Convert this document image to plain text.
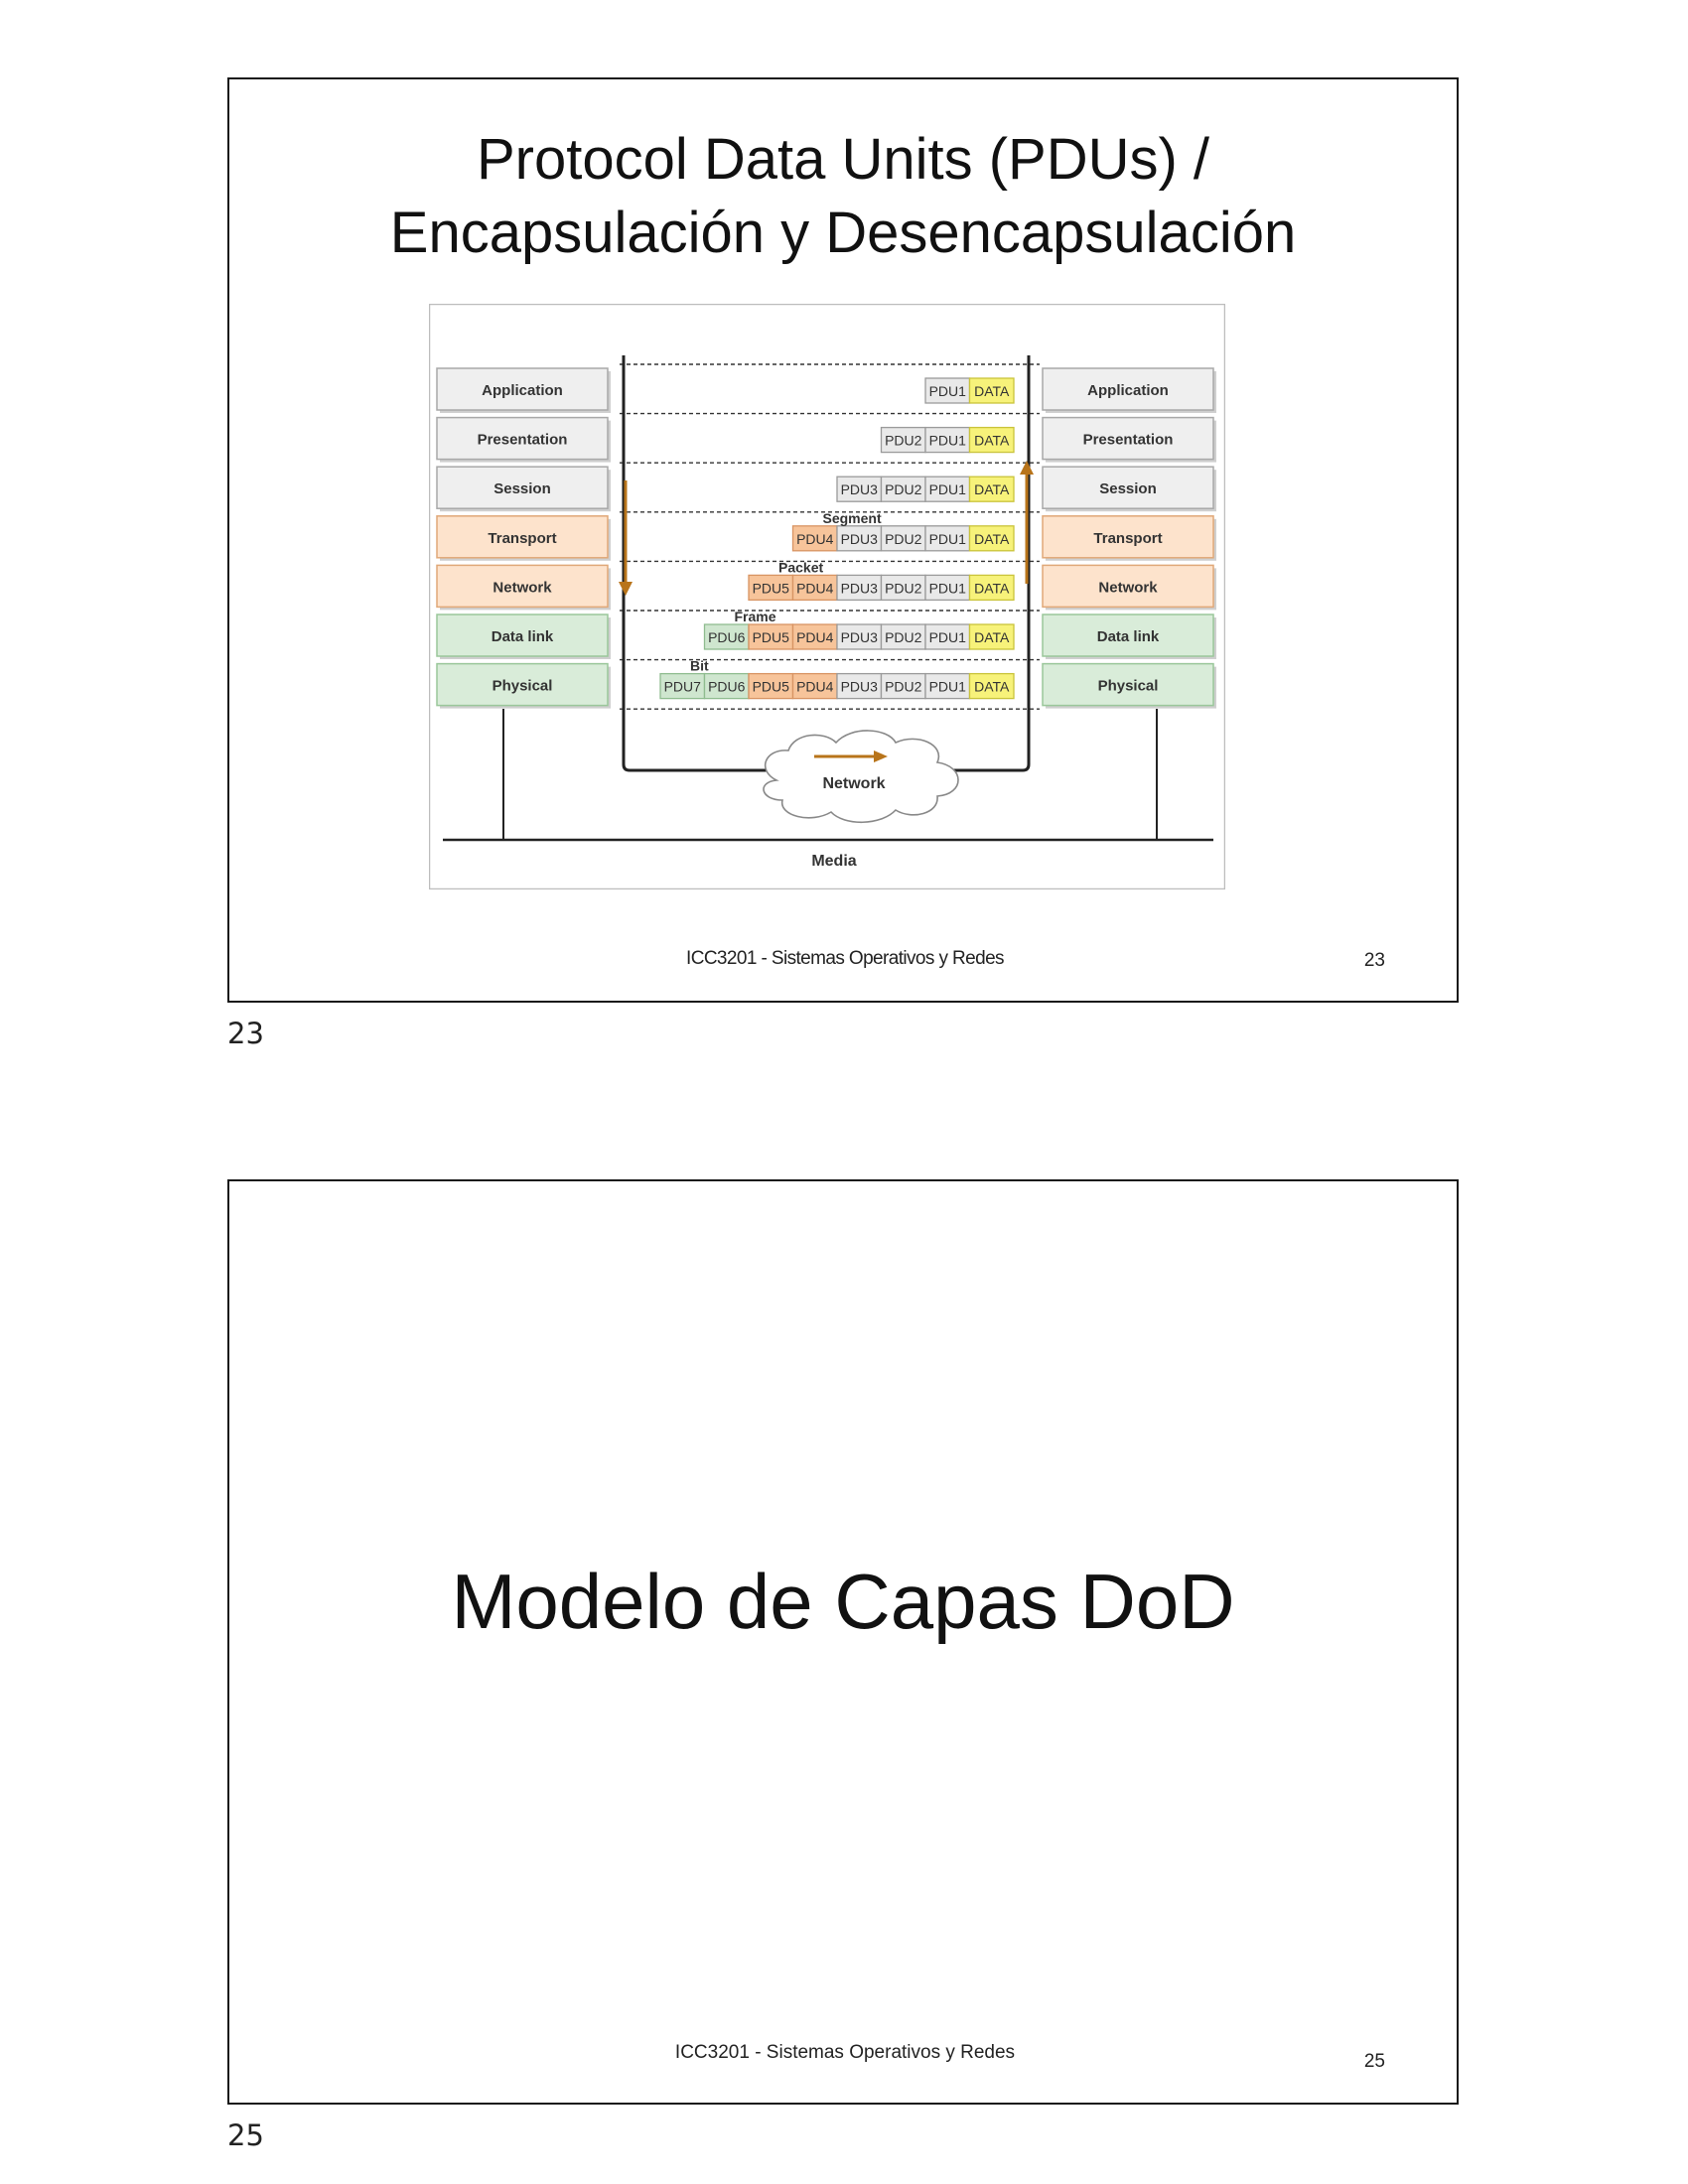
Protocol Data Units (PDUs) /
Encapsulación y Desencapsulación
Application	Application
Presentation	Presentation
Session	Session
Transport	Transport
Network	Network
Data link	Data link
Physical	Physical
PDU1 DATA
PDU2 PDU1 DATA
PDU3 PDU2 PDU1 DATA
PDU4 PDU3 PDU2 PDU1 DATA
Segment
PDU5 PDU4 PDU3 PDU2 PDU1 DATA
Packet
PDU6 PDU5 PDU4 PDU3 PDU2 PDU1 DATA
Frame
PDU7 PDU6 PDU5 PDU4 PDU3 PDU2 PDU1 DATA
Bit
Network
Media
ICC3201 - Sistemas Operativos y Redes	23
23
Modelo de Capas DoD
ICC3201 - Sistemas Operativos y Redes	25
25
